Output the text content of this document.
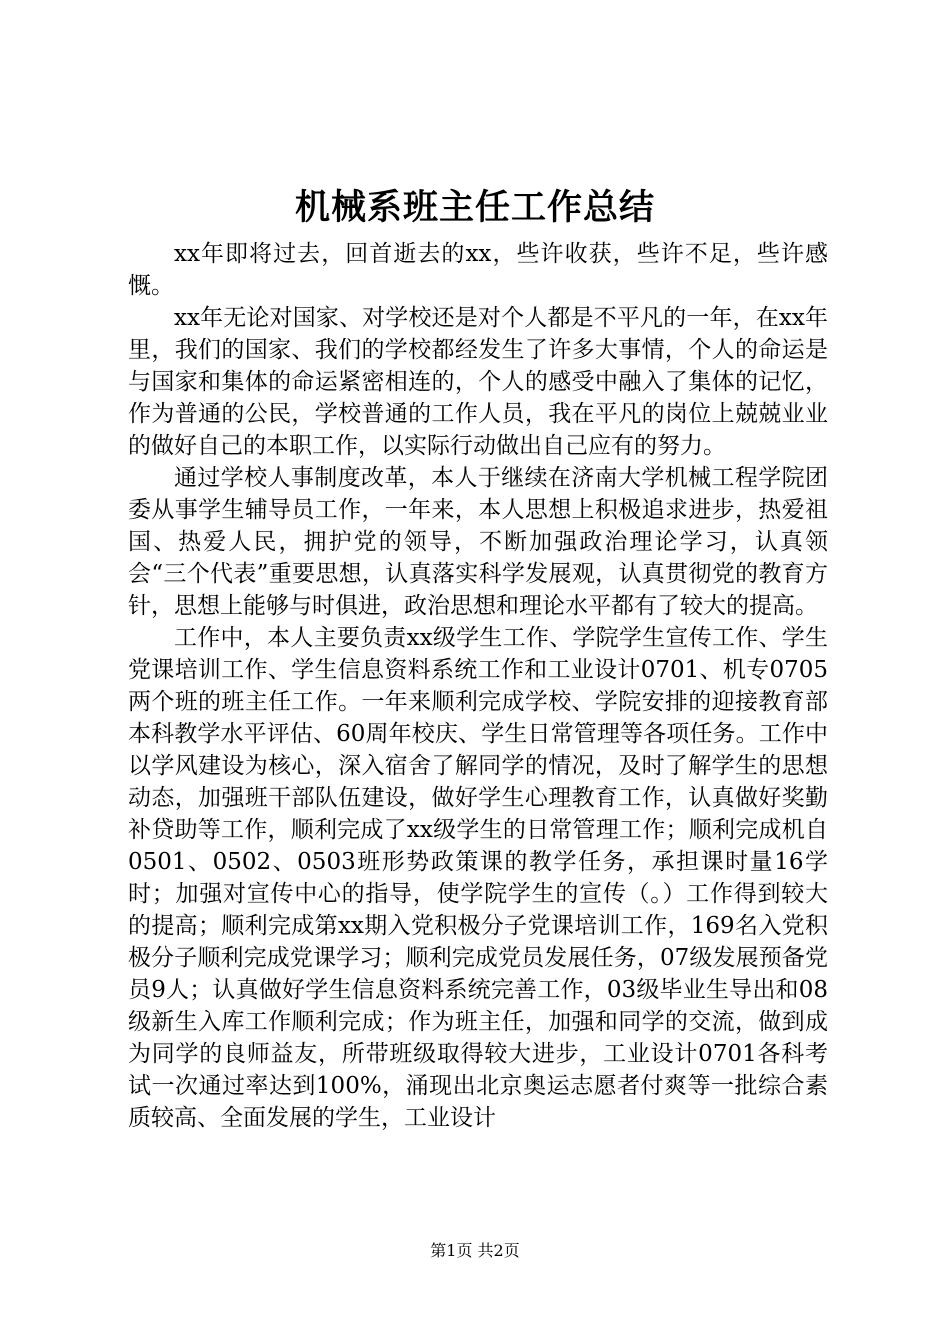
机械系班主任工作总结

xx年即将过去，回首逝去的xx，些许收获，些许不足，些许感慨。

xx年无论对国家、对学校还是对个人都是不平凡的一年，在xx年里，我们的国家、我们的学校都经发生了许多大事情，个人的命运是与国家和集体的命运紧密相连的，个人的感受中融入了集体的记忆，作为普通的公民，学校普通的工作人员，我在平凡的岗位上兢兢业业的做好自己的本职工作，以实际行动做出自己应有的努力。

通过学校人事制度改革，本人于继续在济南大学机械工程学院团委从事学生辅导员工作，一年来，本人思想上积极追求进步，热爱祖国、热爱人民，拥护党的领导，不断加强政治理论学习，认真领会“三个代表”重要思想，认真落实科学发展观，认真贯彻党的教育方针，思想上能够与时俱进，政治思想和理论水平都有了较大的提高。

工作中，本人主要负责xx级学生工作、学院学生宣传工作、学生党课培训工作、学生信息资料系统工作和工业设计0701、机专0705两个班的班主任工作。一年来顺利完成学校、学院安排的迎接教育部本科教学水平评估、60周年校庆、学生日常管理等各项任务。工作中以学风建设为核心，深入宿舍了解同学的情况，及时了解学生的思想动态，加强班干部队伍建设，做好学生心理教育工作，认真做好奖勤补贷助等工作，顺利完成了xx级学生的日常管理工作；顺利完成机自0501、0502、0503班形势政策课的教学任务，承担课时量16学时；加强对宣传中心的指导，使学院学生的宣传（。）工作得到较大的提高；顺利完成第xx期入党积极分子党课培训工作，169名入党积极分子顺利完成党课学习；顺利完成党员发展任务，07级发展预备党员9人；认真做好学生信息资料系统完善工作，03级毕业生导出和08级新生入库工作顺利完成；作为班主任，加强和同学的交流，做到成为同学的良师益友，所带班级取得较大进步，工业设计0701各科考试一次通过率达到100%，涌现出北京奥运志愿者付爽等一批综合素质较高、全面发展的学生，工业设计

第1页 共2页
